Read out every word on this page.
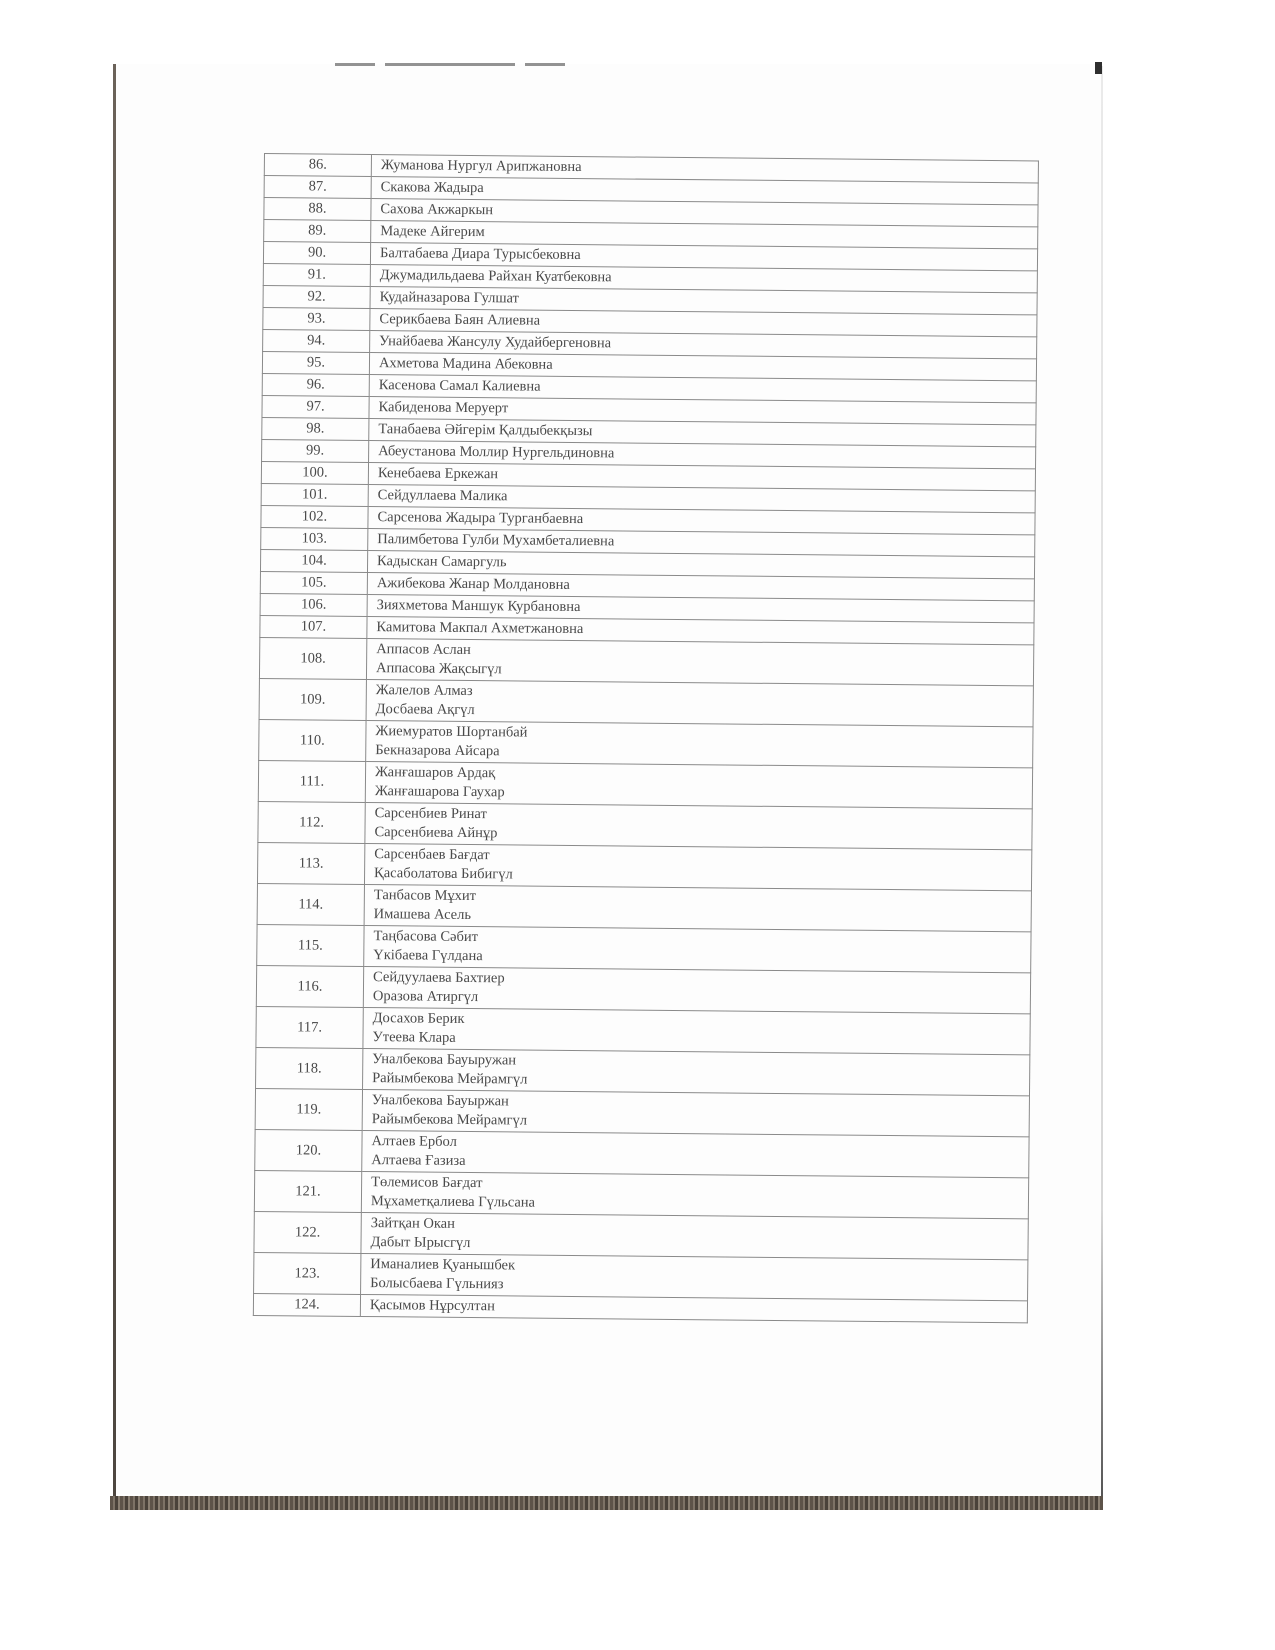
86.	Жуманова Нургул Арипжановна

87.	Скакова Жадыра

88.	Сахова Акжаркын

89.	Мадеке Айгерим

90.	Балтабаева Диара Турысбековна

91.	Джумадильдаева Райхан Куатбековна

92.	Кудайназарова Гулшат

93.	Серикбаева Баян Алиевна

94.	Унайбаева Жансулу Худайбергеновна

95.	Ахметова Мадина Абековна

96.	Касенова Самал Калиевна

97.	Кабиденова Меруерт

98.	Танабаева Әйгерім Қалдыбекқызы

99.	Абеустанова Моллир Нургельдиновна

100.	Кенебаева Еркежан

101.	Сейдуллаева Малика

102.	Сарсенова Жадыра Турганбаевна

103.	Палимбетова Гулби Мухамбеталиевна

104.	Кадыскан Самаргуль

105.	Ажибекова Жанар Молдановна

106.	Зияхметова Маншук Курбановна

107.	Камитова Макпал Ахметжановна

108.	Аппасов Аслан
Аппасова Жақсыгүл

109.	Жалелов Алмаз
Досбаева Ақгүл

110.	Жиемуратов Шортанбай
Бекназарова Айсара

111.	Жанғашаров Ардақ
Жанғашарова Гаухар

112.	Сарсенбиев Ринат
Сарсенбиева Айнұр

113.	Сарсенбаев Бағдат
Қасаболатова Бибигүл

114.	Танбасов Мұхит
Имашева Асель

115.	Таңбасова Сәбит
Үкібаева Гүлдана

116.	Сейдуулаева Бахтиер
Оразова Атиргүл

117.	Досахов Берик
Утеева Клара

118.	Уналбекова Бауыружан
Райымбекова Мейрамгүл

119.	Уналбекова Бауыржан
Райымбекова Мейрамгүл

120.	Алтаев Ербол
Алтаева Ғазиза

121.	Төлемисов Бағдат
Мұхаметқалиева Гүльсана

122.	Зайтқан Окан
Дабыт Ырысгүл

123.	Иманалиев Қуанышбек
Болысбаева Гүльнияз

124.	Қасымов Нұрсултан
